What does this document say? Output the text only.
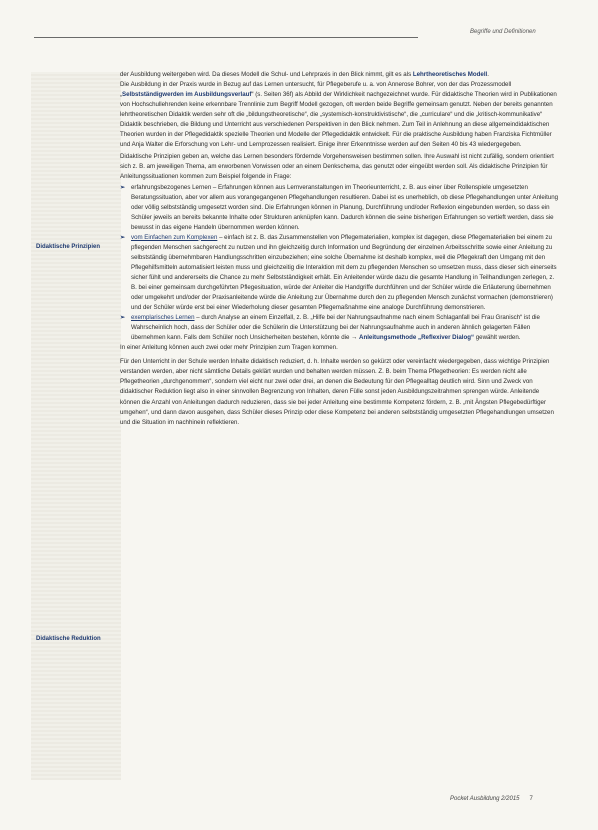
Begriffe und Definitionen
Didaktische Prinzipien
Didaktische Reduktion

der Ausbildung weitergeben wird. Da dieses Modell die Schul- und Lehrpraxis in den Blick nimmt, gilt es als Lehrtheoretisches Modell.

Die Ausbildung in der Praxis wurde in Bezug auf das Lernen untersucht, für Pflegeberufe u. a. von Annerose Bohrer, von der das Prozessmodell „Selbstständigwerden im Ausbildungsverlauf“ (s. Seiten 36f) als Abbild der Wirklichkeit nachgezeichnet wurde. Für didaktische Theorien wird in Publikationen von Hochschullehrenden keine erkennbare Trennlinie zum Begriff Modell gezogen, oft werden beide Begriffe gemeinsam genutzt. Neben der bereits genannten lehrtheoretischen Didaktik werden sehr oft die „bildungstheoretische“, die „systemisch-konstruktivistische“, die „curriculare“ und die „kritisch-kommunikative“ Didaktik beschrieben, die Bildung und Unterricht aus verschiedenen Perspektiven in den Blick nehmen. Zum Teil in Anlehnung an diese allgemeindidaktischen Theorien wurden in der Pflegedidaktik spezielle Theorien und Modelle der Pflegedidaktik entwickelt. Für die praktische Ausbildung haben Franziska Fichtmüller und Anja Walter die Erforschung von Lehr- und Lernprozessen realisiert. Einige ihrer Erkenntnisse werden auf den Seiten 40 bis 43 wiedergegeben.

Didaktische Prinzipien geben an, welche das Lernen besonders fördernde Vorgehensweisen bestimmen sollen. Ihre Auswahl ist nicht zufällig, sondern orientiert sich z. B. am jeweiligen Thema, am erworbenen Vorwissen oder an einem Denkschema, das genutzt oder eingeübt werden soll. Als didaktische Prinzipien für Anleitungssituationen kommen zum Beispiel folgende in Frage:

➢ erfahrungsbezogenes Lernen – Erfahrungen können aus Lernveranstaltungen im Theorieunterricht, z. B. aus einer über Rollenspiele umgesetzten Beratungssituation, aber vor allem aus vorangegangenen Pflegehandlungen resultieren. Dabei ist es unerheblich, ob diese Pflegehandlungen unter Anleitung oder völlig selbstständig umgesetzt worden sind. Die Erfahrungen können in Planung, Durchführung und/oder Reflexion eingebunden werden, so dass ein Schüler jeweils an bereits bekannte Inhalte oder Strukturen anknüpfen kann. Dadurch können die seine bisherigen Erfahrungen so vertieft werden, dass sie bewusst in das eigene Handeln übernommen werden können.
➢ vom Einfachen zum Komplexen – einfach ist z. B. das Zusammenstellen von Pflegematerialien, komplex ist dagegen, diese Pflegematerialien bei einem zu pflegenden Menschen sachgerecht zu nutzen und ihn gleichzeitig durch Information und Begründung der einzelnen Arbeitsschritte sowie einer Anleitung zu selbstständig übernehmbaren Handlungsschritten einzubeziehen; eine solche Übernahme ist deshalb komplex, weil die Pflegekraft den Umgang mit den Pflegehilfsmitteln automatisiert leisten muss und gleichzeitig die Interaktion mit dem zu pflegenden Menschen so umsetzen muss, dass dieser sich einerseits sicher fühlt und andererseits die Chance zu mehr Selbstständigkeit erhält. Ein Anleitender würde dazu die gesamte Handlung in Teilhandlungen zerlegen, z. B. bei einer gemeinsam durchgeführten Pflegesituation, würde der Anleiter die Handgriffe durchführen und der Schüler würde die Erläuterung übernehmen oder umgekehrt und/oder der Praxisanleitende würde die Anleitung zur Übernahme durch den zu pflegenden Mensch zunächst vormachen (demonstrieren) und der Schüler würde erst bei einer Wiederholung dieser gesamten Pflegemaßnahme eine analoge Durchführung demonstrieren.
➢ exemplarisches Lernen – durch Analyse an einem Einzelfall, z. B. „Hilfe bei der Nahrungsaufnahme nach einem Schlaganfall bei Frau Granisch“ ist die Wahrscheinlich hoch, dass der Schüler oder die Schülerin die Unterstützung bei der Nahrungsaufnahme auch in anderen ähnlich gelagerten Fällen übernehmen kann. Falls dem Schüler noch Unsicherheiten bestehen, könnte die → Anleitungsmethode „Reflexiver Dialog“ gewählt werden.

In einer Anleitung können auch zwei oder mehr Prinzipien zum Tragen kommen.

Für den Unterricht in der Schule werden Inhalte didaktisch reduziert, d. h. Inhalte werden so gekürzt oder vereinfacht wiedergegeben, dass wichtige Prinzipien verstanden werden, aber nicht sämtliche Details geklärt wurden und behalten werden müssen. Z. B. beim Thema Pflegetheorien: Es werden nicht alle Pflegetheorien „durchgenommen“, sondern viel eicht nur zwei oder drei, an denen die Bedeutung für den Pflegealltag deutlich wird. Sinn und Zweck von didaktischer Reduktion liegt also in einer sinnvollen Begrenzung von Inhalten, deren Fülle sonst jeden Ausbildungszeitrahmen sprengen würde. Anleitende können die Anzahl von Anleitungen dadurch reduzieren, dass sie bei jeder Anleitung eine bestimmte Kompetenz fördern, z. B. „mit Ängsten Pflegebedürftiger umgehen“, und dann davon ausgehen, dass Schüler dieses Prinzip oder diese Kompetenz bei anderen selbstständig umgesetzten Pflegehandlungen umsetzen und die Situation im nachhinein reflektieren.

Pocket Ausbildung 2/2015 7
